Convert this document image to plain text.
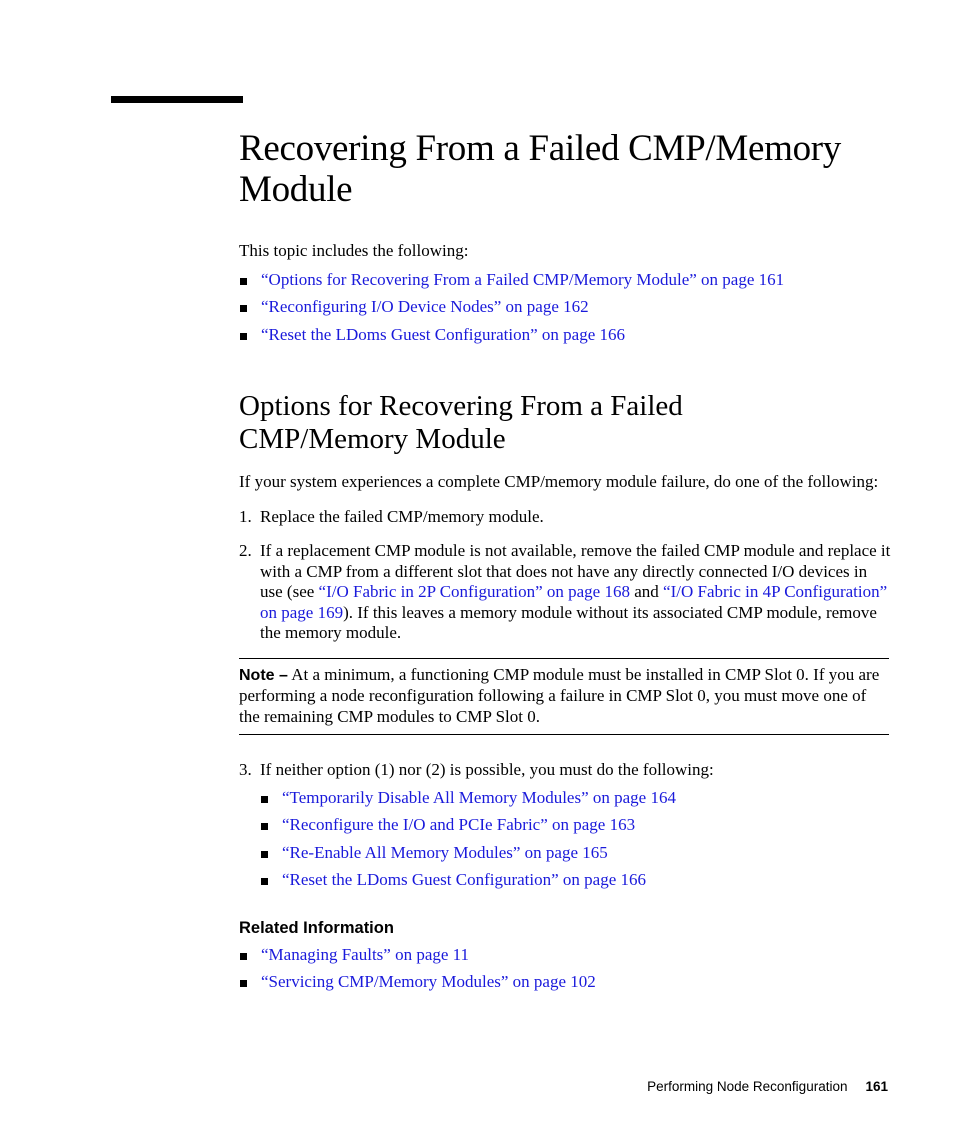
Recovering From a Failed CMP/Memory Module

This topic includes the following:

“Options for Recovering From a Failed CMP/Memory Module” on page 161
“Reconfiguring I/O Device Nodes” on page 162
“Reset the LDoms Guest Configuration” on page 166
Options for Recovering From a Failed CMP/Memory Module

If your system experiences a complete CMP/memory module failure, do one of the following:

1. Replace the failed CMP/memory module.
2. If a replacement CMP module is not available, remove the failed CMP module and replace it with a CMP from a different slot that does not have any directly connected I/O devices in use (see “I/O Fabric in 2P Configuration” on page 168 and “I/O Fabric in 4P Configuration” on page 169). If this leaves a memory module without its associated CMP module, remove the memory module.

Note – At a minimum, a functioning CMP module must be installed in CMP Slot 0. If you are performing a node reconfiguration following a failure in CMP Slot 0, you must move one of the remaining CMP modules to CMP Slot 0.

3. If neither option (1) nor (2) is possible, you must do the following:
“Temporarily Disable All Memory Modules” on page 164
“Reconfigure the I/O and PCIe Fabric” on page 163
“Re-Enable All Memory Modules” on page 165
“Reset the LDoms Guest Configuration” on page 166
Related Information
“Managing Faults” on page 11
“Servicing CMP/Memory Modules” on page 102
Performing Node Reconfiguration 161
